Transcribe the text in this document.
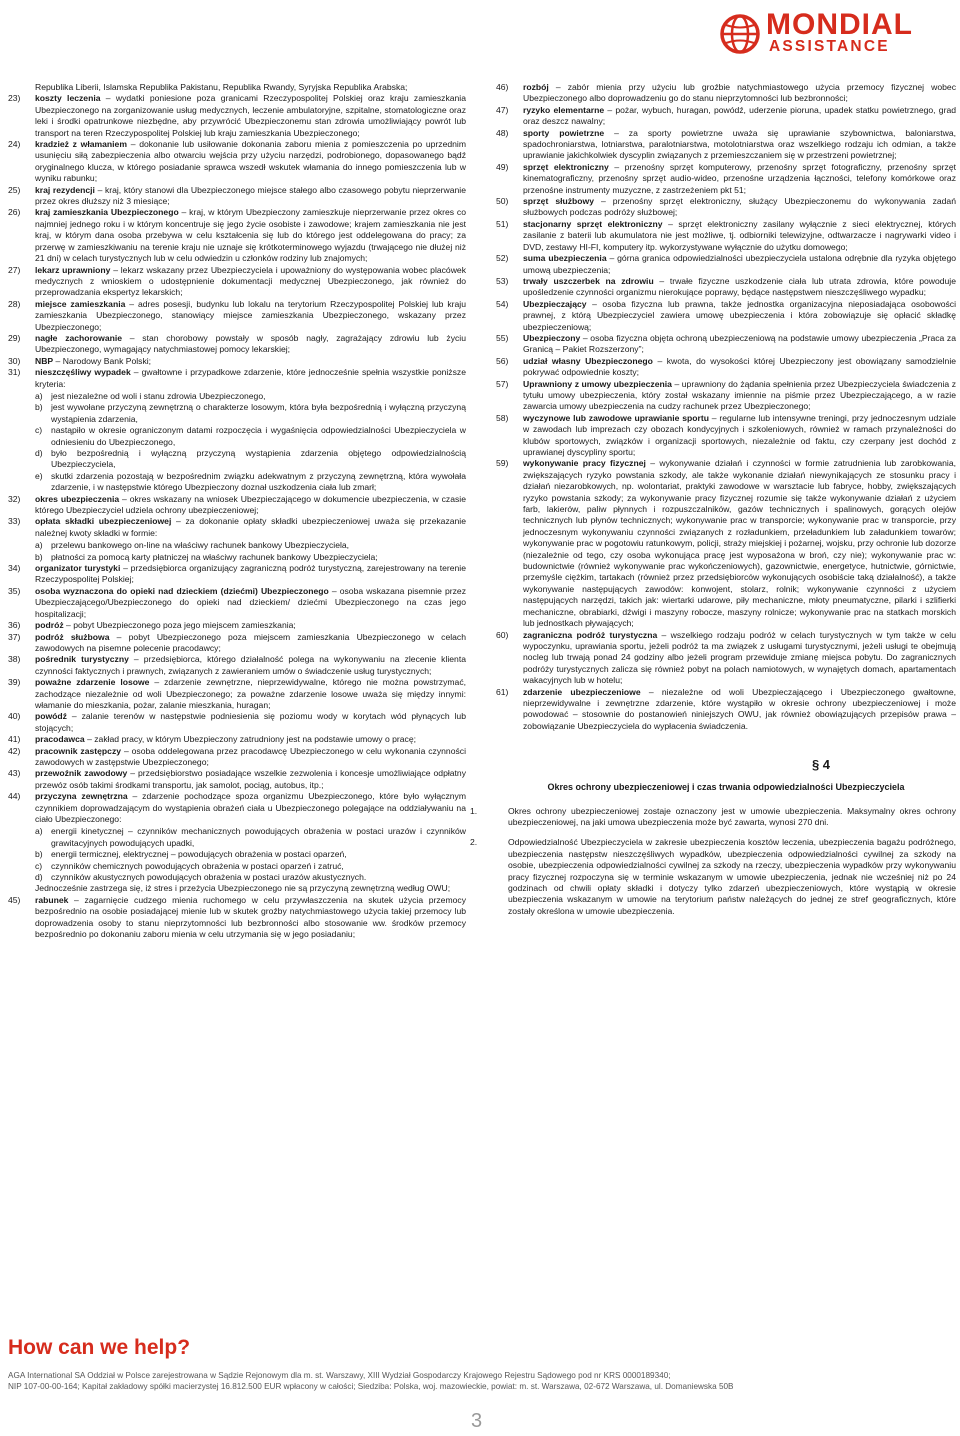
MONDIAL
ASSISTANCE
Republika Liberii, Islamska Republika Pakistanu, Republika Rwandy, Syryjska Republika Arabska;
23) koszty leczenia – wydatki poniesione poza granicami Rzeczypospolitej Polskiej oraz kraju zamieszkania Ubezpieczonego na zorganizowanie usług medycznych, leczenie ambulatoryjne, szpitalne, stomatologiczne oraz leki i środki opatrunkowe niezbędne, aby przywrócić Ubezpieczonemu stan zdrowia umożliwiający powrót lub transport na teren Rzeczypospolitej Polskiej lub kraju zamieszkania Ubezpieczonego;
24) kradzież z włamaniem – dokonanie lub usiłowanie dokonania zaboru mienia z pomieszczenia po uprzednim usunięciu siłą zabezpieczenia albo otwarciu wejścia przy użyciu narzędzi, podrobionego, dopasowanego bądź oryginalnego klucza, w którego posiadanie sprawca wszedł wskutek włamania do innego pomieszczenia lub w wyniku rabunku;
25) kraj rezydencji – kraj, który stanowi dla Ubezpieczonego miejsce stałego albo czasowego pobytu nieprzerwanie przez okres dłuższy niż 3 miesiące;
26) kraj zamieszkania Ubezpieczonego – kraj, w którym Ubezpieczony zamieszkuje nieprzerwanie przez okres co najmniej jednego roku i w którym koncentruje się jego życie osobiste i zawodowe; krajem zamieszkania nie jest kraj, w którym dana osoba przebywa w celu kształcenia się lub do którego jest oddelegowana do pracy; za przerwę w zamieszkiwaniu na terenie kraju nie uznaje się krótkoterminowego wyjazdu (trwającego nie dłużej niż 21 dni) w celach turystycznych lub w celu odwiedzin u członków rodziny lub znajomych;
27) lekarz uprawniony – lekarz wskazany przez Ubezpieczyciela i upoważniony do występowania wobec placówek medycznych z wnioskiem o udostępnienie dokumentacji medycznej Ubezpieczonego, jak również do przeprowadzania ekspertyz lekarskich;
28) miejsce zamieszkania – adres posesji, budynku lub lokalu na terytorium Rzeczypospolitej Polskiej lub kraju zamieszkania Ubezpieczonego, stanowiący miejsce zamieszkania Ubezpieczonego, wskazany przez Ubezpieczonego;
29) nagłe zachorowanie – stan chorobowy powstały w sposób nagły, zagrażający zdrowiu lub życiu Ubezpieczonego, wymagający natychmiastowej pomocy lekarskiej;
30) NBP – Narodowy Bank Polski;
31) nieszczęśliwy wypadek – gwałtowne i przypadkowe zdarzenie, które jednocześnie spełnia wszystkie poniższe kryteria:
a) jest niezależne od woli i stanu zdrowia Ubezpieczonego,
b) jest wywołane przyczyną zewnętrzną o charakterze losowym, która była bezpośrednią i wyłączną przyczyną wystąpienia zdarzenia,
c) nastąpiło w okresie ograniczonym datami rozpoczęcia i wygaśnięcia odpowiedzialności Ubezpieczyciela w odniesieniu do Ubezpieczonego,
d) było bezpośrednią i wyłączną przyczyną wystąpienia zdarzenia objętego odpowiedzialnością Ubezpieczyciela,
e) skutki zdarzenia pozostają w bezpośrednim związku adekwatnym z przyczyną zewnętrzną, która wywołała zdarzenie, i w następstwie którego Ubezpieczony doznał uszkodzenia ciała lub zmarł;
32) okres ubezpieczenia – okres wskazany na wniosek Ubezpieczającego w dokumencie ubezpieczenia, w czasie którego Ubezpieczyciel udziela ochrony ubezpieczeniowej;
33) opłata składki ubezpieczeniowej – za dokonanie opłaty składki ubezpieczeniowej uważa się przekazanie należnej kwoty składki w formie:
a) przelewu bankowego on-line na właściwy rachunek bankowy Ubezpieczyciela,
b) płatności za pomocą karty płatniczej na właściwy rachunek bankowy Ubezpieczyciela;
34) organizator turystyki – przedsiębiorca organizujący zagraniczną podróż turystyczną, zarejestrowany na terenie Rzeczypospolitej Polskiej;
35) osoba wyznaczona do opieki nad dzieckiem (dziećmi) Ubezpieczonego – osoba wskazana pisemnie przez Ubezpieczającego/Ubezpieczonego do opieki nad dzieckiem/ dziećmi Ubezpieczonego na czas jego hospitalizacji;
36) podróż – pobyt Ubezpieczonego poza jego miejscem zamieszkania;
37) podróż służbowa – pobyt Ubezpieczonego poza miejscem zamieszkania Ubezpieczonego w celach zawodowych na pisemne polecenie pracodawcy;
38) pośrednik turystyczny – przedsiębiorca, którego działalność polega na wykonywaniu na zlecenie klienta czynności faktycznych i prawnych, związanych z zawieraniem umów o świadczenie usług turystycznych;
39) poważne zdarzenie losowe – zdarzenie zewnętrzne, nieprzewidywalne, którego nie można powstrzymać, zachodzące niezależnie od woli Ubezpieczonego; za poważne zdarzenie losowe uważa się między innymi: włamanie do mieszkania, pożar, zalanie mieszkania, huragan;
40) powódź – zalanie terenów w następstwie podniesienia się poziomu wody w korytach wód płynących lub stojących;
41) pracodawca – zakład pracy, w którym Ubezpieczony zatrudniony jest na podstawie umowy o pracę;
42) pracownik zastępczy – osoba oddelegowana przez pracodawcę Ubezpieczonego w celu wykonania czynności zawodowych w zastępstwie Ubezpieczonego;
43) przewoźnik zawodowy – przedsiębiorstwo posiadające wszelkie zezwolenia i koncesje umożliwiające odpłatny przewóz osób takimi środkami transportu, jak samolot, pociąg, autobus, itp.;
44) przyczyna zewnętrzna – zdarzenie pochodzące spoza organizmu Ubezpieczonego, które było wyłącznym czynnikiem doprowadzającym do wystąpienia obrażeń ciała u Ubezpieczonego polegające na oddziaływaniu na ciało Ubezpieczonego:
a) energii kinetycznej – czynników mechanicznych powodujących obrażenia w postaci urazów i czynników grawitacyjnych powodujących upadki,
b) energii termicznej, elektrycznej – powodujących obrażenia w postaci oparzeń,
c) czynników chemicznych powodujących obrażenia w postaci oparzeń i zatruć,
d) czynników akustycznych powodujących obrażenia w postaci urazów akustycznych.
Jednocześnie zastrzega się, iż stres i przeżycia Ubezpieczonego nie są przyczyną zewnętrzną według OWU;
45) rabunek – zagarnięcie cudzego mienia ruchomego w celu przywłaszczenia na skutek użycia przemocy bezpośrednio na osobie posiadającej mienie lub w skutek groźby natychmiastowego użycia takiej przemocy lub doprowadzenia osoby to stanu nieprzytomności lub bezbronności albo stosowanie ww. środków przemocy bezpośrednio po dokonaniu zaboru mienia w celu utrzymania się w jego posiadaniu;
46) rozbój – zabór mienia przy użyciu lub groźbie natychmiastowego użycia przemocy fizycznej wobec Ubezpieczonego albo doprowadzeniu go do stanu nieprzytomności lub bezbronności;
47) ryzyko elementarne – pożar, wybuch, huragan, powódź, uderzenie pioruna, upadek statku powietrznego, grad oraz deszcz nawalny;
48) sporty powietrzne – za sporty powietrzne uważa się uprawianie szybownictwa, baloniarstwa, spadochroniarstwa, lotniarstwa, paralotniarstwa, motolotniarstwa oraz wszelkiego rodzaju ich odmian, a także uprawianie jakichkolwiek dyscyplin związanych z przemieszczaniem się w przestrzeni powietrznej;
49) sprzęt elektroniczny – przenośny sprzęt komputerowy, przenośny sprzęt fotograficzny, przenośny sprzęt kinematograficzny, przenośny sprzęt audio-wideo, przenośne urządzenia łączności, telefony komórkowe oraz przenośne instrumenty muzyczne, z zastrzeżeniem pkt 51;
50) sprzęt służbowy – przenośny sprzęt elektroniczny, służący Ubezpieczonemu do wykonywania zadań służbowych podczas podróży służbowej;
51) stacjonarny sprzęt elektroniczny – sprzęt elektroniczny zasilany wyłącznie z sieci elektrycznej, których zasilanie z baterii lub akumulatora nie jest możliwe, tj. odbiorniki telewizyjne, odtwarzacze i nagrywarki video i DVD, zestawy HI-FI, komputery itp. wykorzystywane wyłącznie do użytku domowego;
52) suma ubezpieczenia – górna granica odpowiedzialności ubezpieczyciela ustalona odrębnie dla ryzyka objętego umową ubezpieczenia;
53) trwały uszczerbek na zdrowiu – trwałe fizyczne uszkodzenie ciała lub utrata zdrowia, które powoduje upośledzenie czynności organizmu nierokujące poprawy, będące następstwem nieszczęśliwego wypadku;
54) Ubezpieczający – osoba fizyczna lub prawna, także jednostka organizacyjna nieposiadająca osobowości prawnej, z którą Ubezpieczyciel zawiera umowę ubezpieczenia i która zobowiązuje się opłacić składkę ubezpieczeniową;
55) Ubezpieczony – osoba fizyczna objęta ochroną ubezpieczeniową na podstawie umowy ubezpieczenia „Praca za Granicą – Pakiet Rozszerzony”;
56) udział własny Ubezpieczonego – kwota, do wysokości której Ubezpieczony jest obowiązany samodzielnie pokrywać odpowiednie koszty;
57) Uprawniony z umowy ubezpieczenia – uprawniony do żądania spełnienia przez Ubezpieczyciela świadczenia z tytułu umowy ubezpieczenia, który został wskazany imiennie na piśmie przez Ubezpieczającego, a w razie zawarcia umowy ubezpieczenia na cudzy rachunek przez Ubezpieczonego;
58) wyczynowe lub zawodowe uprawianie sportu – regularne lub intensywne treningi, przy jednoczesnym udziale w zawodach lub imprezach czy obozach kondycyjnych i szkoleniowych, również w ramach przynależności do klubów sportowych, związków i organizacji sportowych, niezależnie od faktu, czy czerpany jest dochód z uprawianej dyscypliny sportu;
59) wykonywanie pracy fizycznej – wykonywanie działań i czynności w formie zatrudnienia lub zarobkowania, zwiększających ryzyko powstania szkody, ale także wykonanie działań niewynikających ze stosunku pracy i działań niezarobkowych, np. wolontariat, praktyki zawodowe w warsztacie lub fabryce, hobby, zwiększających ryzyko powstania szkody; za wykonywanie pracy fizycznej rozumie się także wykonywanie działań z użyciem farb, lakierów, paliw płynnych i rozpuszczalników, gazów technicznych i spalinowych, gorących olejów technicznych lub płynów technicznych; wykonywanie prac w transporcie; wykonywanie prac w transporcie, przy jednoczesnym wykonywaniu czynności związanych z rozładunkiem, przeładunkiem lub załadunkiem towarów; wykonywanie prac w pogotowiu ratunkowym, policji, straży miejskiej i pożarnej, wojsku, przy ochronie lub dozorze (niezależnie od tego, czy osoba wykonująca pracę jest wyposażona w broń, czy nie); wykonywanie prac w: budownictwie (również wykonywanie prac wykończeniowych), gazownictwie, energetyce, hutnictwie, górnictwie, przemyśle ciężkim, tartakach (również przez przedsiębiorców wykonujących osobiście taką działalność), a także wykonywanie następujących zawodów: konwojent, stolarz, rolnik; wykonywanie czynności z użyciem następujących narzędzi, takich jak: wiertarki udarowe, piły mechaniczne, młoty pneumatyczne, pilarki i szlifierki mechaniczne, obrabiarki, dźwigi i maszyny robocze, maszyny rolnicze; wykonywanie prac na statkach morskich lub jednostkach pływających;
60) zagraniczna podróż turystyczna – wszelkiego rodzaju podróż w celach turystycznych w tym także w celu wypoczynku, uprawiania sportu, jeżeli podróż ta ma związek z usługami turystycznymi, jeżeli usługi te obejmują nocleg lub trwają ponad 24 godziny albo jeżeli program przewiduje zmianę miejsca pobytu. Do zagranicznych podróży turystycznych zalicza się również pobyt na polach namiotowych, w wynajętych domach, apartamentach wakacyjnych lub w hotelu;
61) zdarzenie ubezpieczeniowe – niezależne od woli Ubezpieczającego i Ubezpieczonego gwałtowne, nieprzewidywalne i zewnętrzne zdarzenie, które wystąpiło w okresie ochrony ubezpieczeniowej i może powodować – stosownie do postanowień niniejszych OWU, jak również obowiązujących przepisów prawa – zobowiązanie Ubezpieczyciela do wypłacenia świadczenia.
§ 4
Okres ochrony ubezpieczeniowej i czas trwania odpowiedzialności Ubezpieczyciela
1.	Okres ochrony ubezpieczeniowej zostaje oznaczony jest w umowie ubezpieczenia. Maksymalny okres ochrony ubezpieczeniowej, na jaki umowa ubezpieczenia może być zawarta, wynosi 270 dni.
2.	Odpowiedzialność Ubezpieczyciela w zakresie ubezpieczenia kosztów leczenia, ubezpieczenia bagażu podróżnego, ubezpieczenia następstw nieszczęśliwych wypadków, ubezpieczenia odpowiedzialności cywilnej za szkody na osobie, ubezpieczenia odpowiedzialności cywilnej za szkody na rzeczy, ubezpieczenia wypadków przy wykonywaniu pracy fizycznej rozpoczyna się w terminie wskazanym w umowie ubezpieczenia, jednak nie wcześniej niż po 24 godzinach od chwili opłaty składki i dotyczy tylko zdarzeń ubezpieczeniowych, które wystąpią w okresie ubezpieczenia wskazanym w umowie na terytorium państw należących do jednej ze stref geograficznych, które zostały określona w umowie ubezpieczenia.
How can we help?
AGA International SA Oddział w Polsce zarejestrowana w Sądzie Rejonowym dla m. st. Warszawy, XIII Wydział Gospodarczy Krajowego Rejestru Sądowego pod nr KRS 0000189340;
NIP 107-00-00-164; Kapitał zakładowy spółki macierzystej 16.812.500 EUR wpłacony w całości; Siedziba: Polska, woj. mazowieckie, powiat: m. st. Warszawa, 02-672 Warszawa, ul. Domaniewska 50B
3
